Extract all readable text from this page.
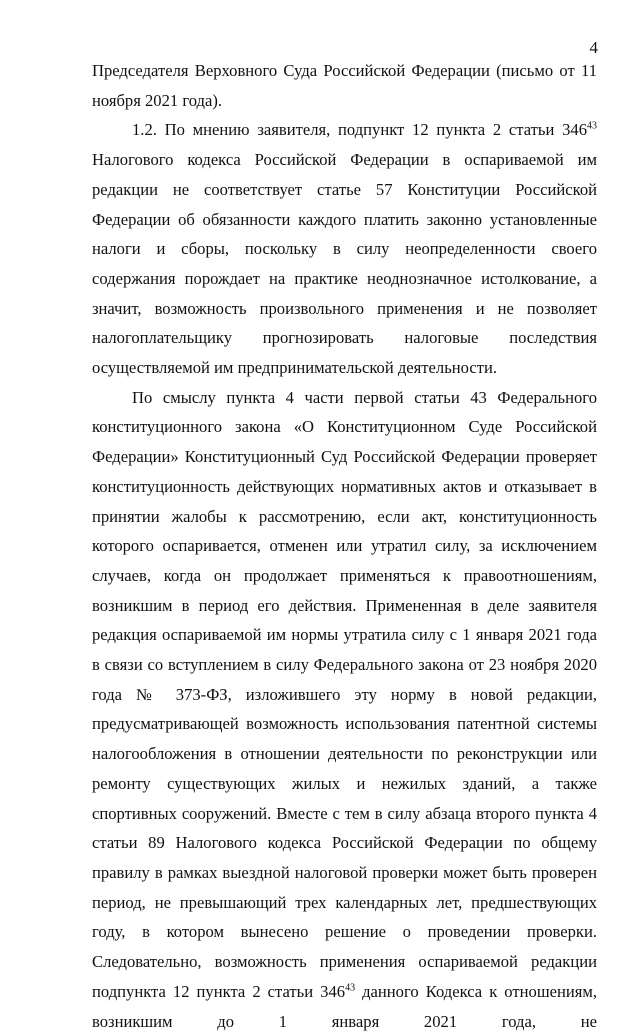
4

Председателя Верховного Суда Российской Федерации (письмо от 11 ноября 2021 года).

1.2. По мнению заявителя, подпункт 12 пункта 2 статьи $346^{43}$ Налогового кодекса Российской Федерации в оспариваемой им редакции не соответствует статье 57 Конституции Российской Федерации об обязанности каждого платить законно установленные налоги и сборы, поскольку в силу неопределенности своего содержания порождает на практике неоднозначное истолкование, а значит, возможность произвольного применения и не позволяет налогоплательщику прогнозировать налоговые последствия осуществляемой им предпринимательской деятельности.

По смыслу пункта 4 части первой статьи 43 Федерального конституционного закона «О Конституционном Суде Российской Федерации» Конституционный Суд Российской Федерации проверяет конституционность действующих нормативных актов и отказывает в принятии жалобы к рассмотрению, если акт, конституционность которого оспаривается, отменен или утратил силу, за исключением случаев, когда он продолжает применяться к правоотношениям, возникшим в период его действия. Примененная в деле заявителя редакция оспариваемой им нормы утратила силу с 1 января 2021 года в связи со вступлением в силу Федерального закона от 23 ноября 2020 года № 373-ФЗ, изложившего эту норму в новой редакции, предусматривающей возможность использования патентной системы налогообложения в отношении деятельности по реконструкции или ремонту существующих жилых и нежилых зданий, а также спортивных сооружений. Вместе с тем в силу абзаца второго пункта 4 статьи 89 Налогового кодекса Российской Федерации по общему правилу в рамках выездной налоговой проверки может быть проверен период, не превышающий трех календарных лет, предшествующих году, в котором вынесено решение о проведении проверки. Следовательно, возможность применения оспариваемой редакции подпункта 12 пункта 2 статьи $346^{43}$ данного Кодекса к отношениям, возникшим до 1 января 2021 года, не
